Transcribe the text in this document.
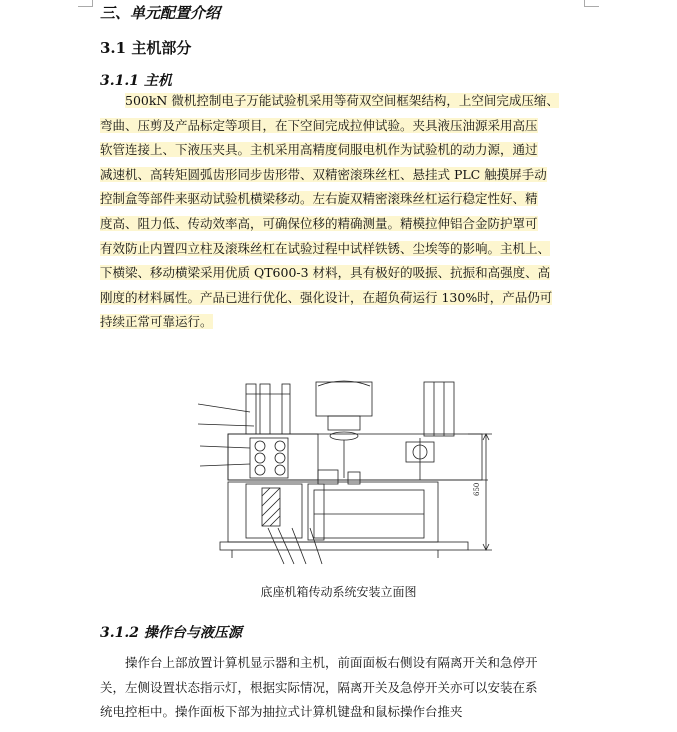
三、单元配置介绍
3.1 主机部分
3.1.1 主机

500kN 微机控制电子万能试验机采用等荷双空间框架结构，上空间完成压缩、

弯曲、压剪及产品标定等项目，在下空间完成拉伸试验。夹具液压油源采用高压

软管连接上、下液压夹具。主机采用高精度伺服电机作为试验机的动力源，通过

减速机、高转矩圆弧齿形同步齿形带、双精密滚珠丝杠、悬挂式 PLC 触摸屏手动

控制盒等部件来驱动试验机横梁移动。左右旋双精密滚珠丝杠运行稳定性好、精

度高、阻力低、传动效率高，可确保位移的精确测量。精模拉伸铝合金防护罩可

有效防止内置四立柱及滚珠丝杠在试验过程中试样铁锈、尘埃等的影响。主机上、

下横梁、移动横梁采用优质 QT600-3 材料，具有极好的吸振、抗振和高强度、高

刚度的材料属性。产品已进行优化、强化设计，在超负荷运行 130%时，产品仍可

持续正常可靠运行。

650
底座机箱传动系统安装立面图
3.1.2 操作台与液压源

操作台上部放置计算机显示器和主机，前面面板右侧设有隔离开关和急停开

关，左侧设置状态指示灯，根据实际情况，隔离开关及急停开关亦可以安装在系

统电控柜中。操作面板下部为抽拉式计算机键盘和鼠标操作台推夹
